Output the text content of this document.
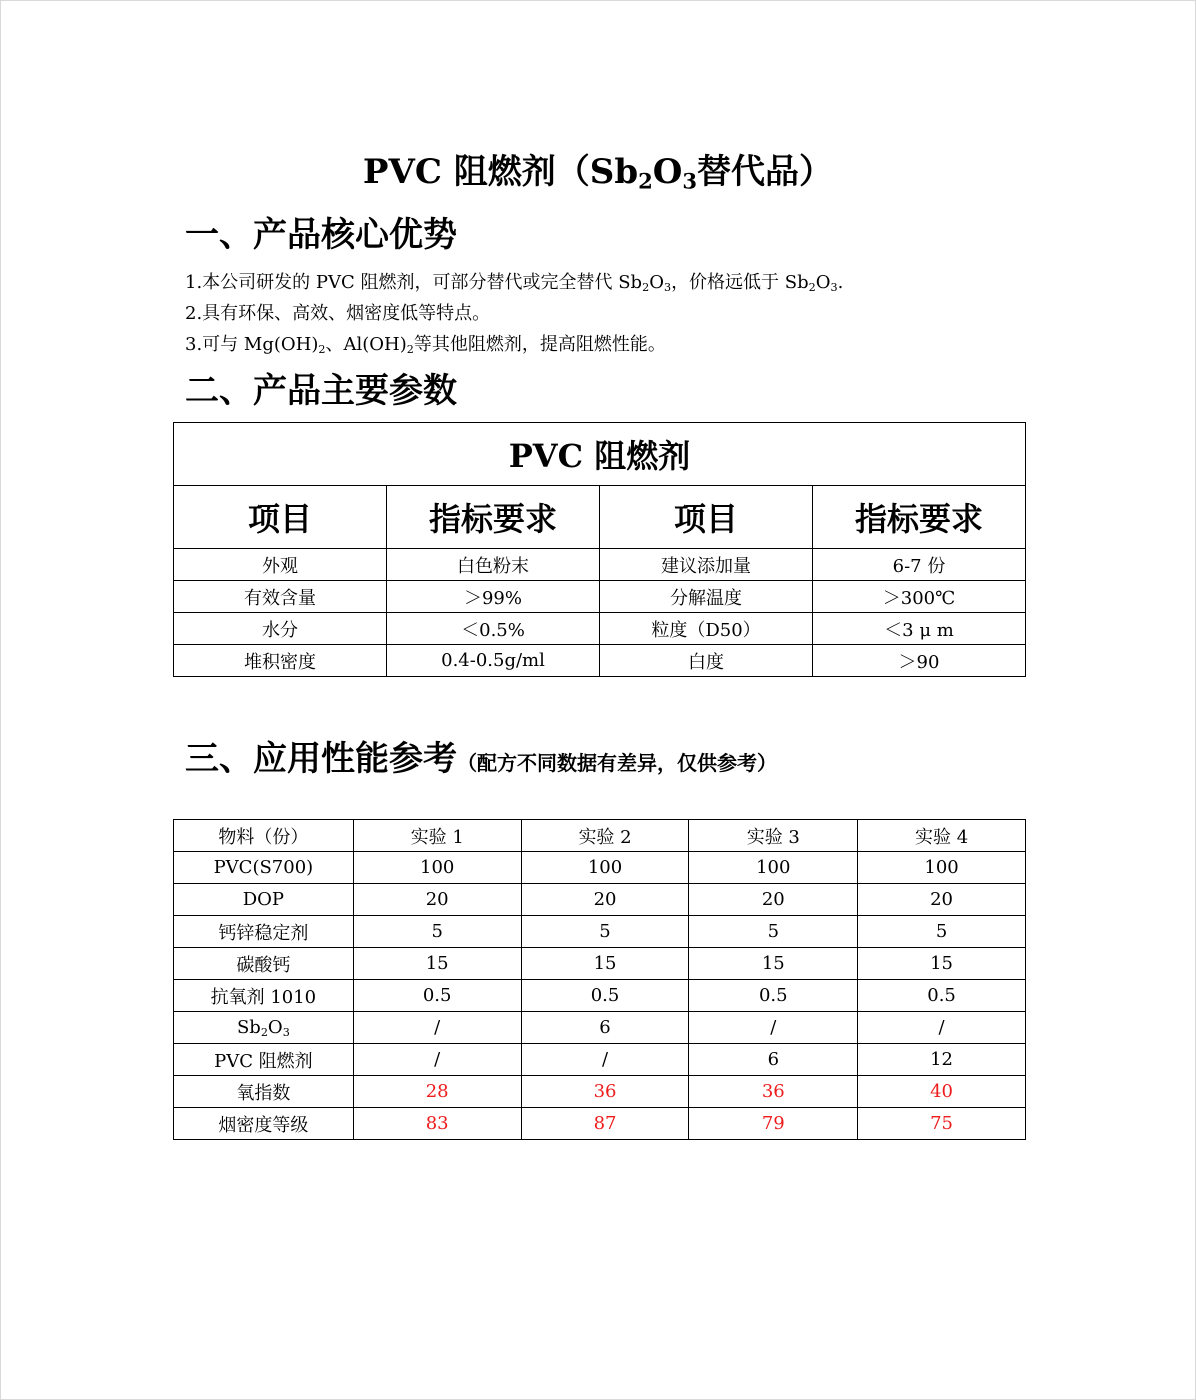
PVC 阻燃剂（$Sb_2O_3$替代品）
一、产品核心优势
1.本公司研发的 PVC 阻燃剂，可部分替代或完全替代 $Sb_2O_3$，价格远低于 $Sb_2O_3$.
2.具有环保、高效、烟密度低等特点。
3.可与 $Mg(OH)_2$、$Al(OH)_2$等其他阻燃剂，提高阻燃性能。
二、产品主要参数
PVC 阻燃剂			
项目	指标要求	项目	指标要求
外观	白色粉末	建议添加量	6-7 份
有效含量	＞99%	分解温度	＞300℃
水分	＜0.5%	粒度（D50）	＜3 μ m
堆积密度	0.4-0.5g/ml	白度	＞90
三、应用性能参考（配方不同数据有差异，仅供参考）
物料（份）	实验 1	实验 2	实验 3	实验 4
PVC(S700)	100	100	100	100
DOP	20	20	20	20
钙锌稳定剂	5	5	5	5
碳酸钙	15	15	15	15
抗氧剂 1010	0.5	0.5	0.5	0.5
$Sb_2O_3$	/	6	/	/
PVC 阻燃剂	/	/	6	12
氧指数	28	36	36	40
烟密度等级	83	87	79	75
